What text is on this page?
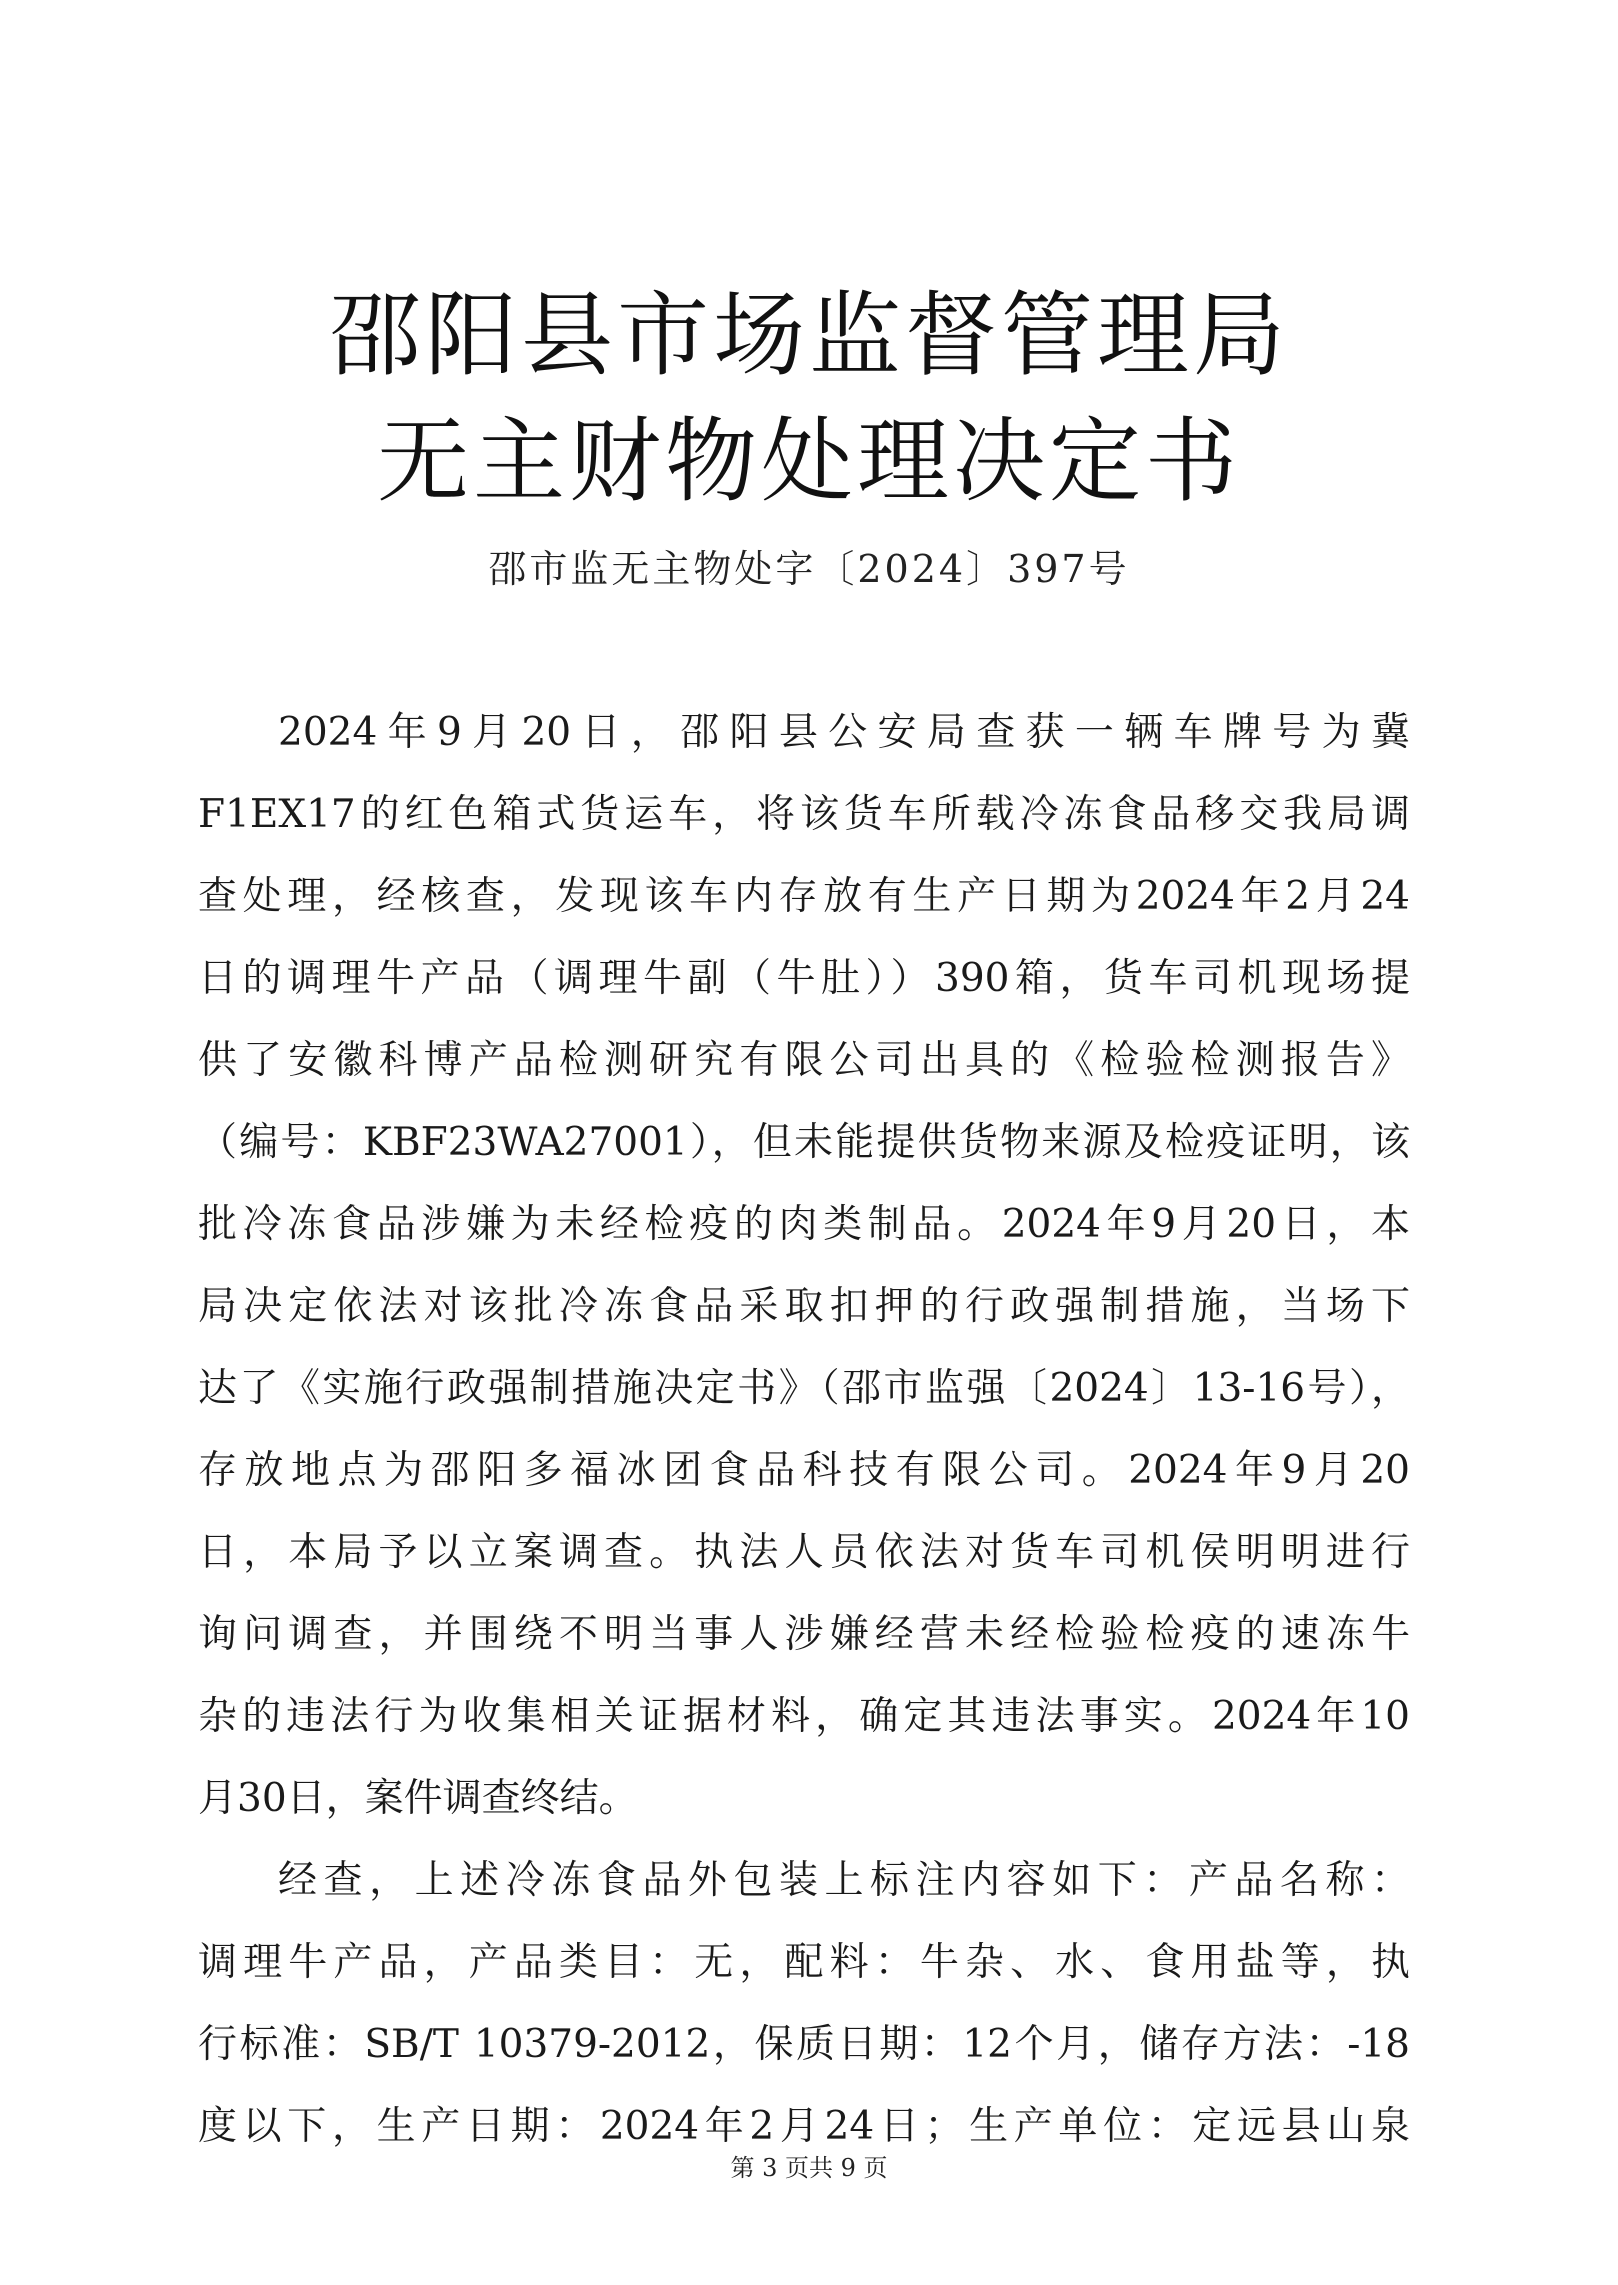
邵阳县市场监督管理局
无主财物处理决定书
邵市监无主物处字〔2024〕397号
2024年9月20日，邵阳县公安局查获一辆车牌号为冀
F1EX17的红色箱式货运车，将该货车所载冷冻食品移交我局调
查处理，经核查，发现该车内存放有生产日期为2024年2月24
日的调理牛产品（调理牛副（牛肚））390箱，货车司机现场提
供了安徽科博产品检测研究有限公司出具的《检验检测报告》
（编号：KBF23WA27001），但未能提供货物来源及检疫证明，该
批冷冻食品涉嫌为未经检疫的肉类制品。2024年9月20日，本
局决定依法对该批冷冻食品采取扣押的行政强制措施，当场下
达了《实施行政强制措施决定书》（邵市监强〔2024〕13-16号），
存放地点为邵阳多福冰团食品科技有限公司。2024年9月20
日，本局予以立案调查。执法人员依法对货车司机侯明明进行
询问调查，并围绕不明当事人涉嫌经营未经检验检疫的速冻牛
杂的违法行为收集相关证据材料，确定其违法事实。2024年10
月30日，案件调查终结。
经查，上述冷冻食品外包装上标注内容如下：产品名称：
调理牛产品，产品类目：无，配料：牛杂、水、食用盐等，执
行标准：SB/T 10379-2012，保质日期：12个月，储存方法：-18
度以下，生产日期：2024年2月24日；生产单位：定远县山泉
第 3 页共 9 页
